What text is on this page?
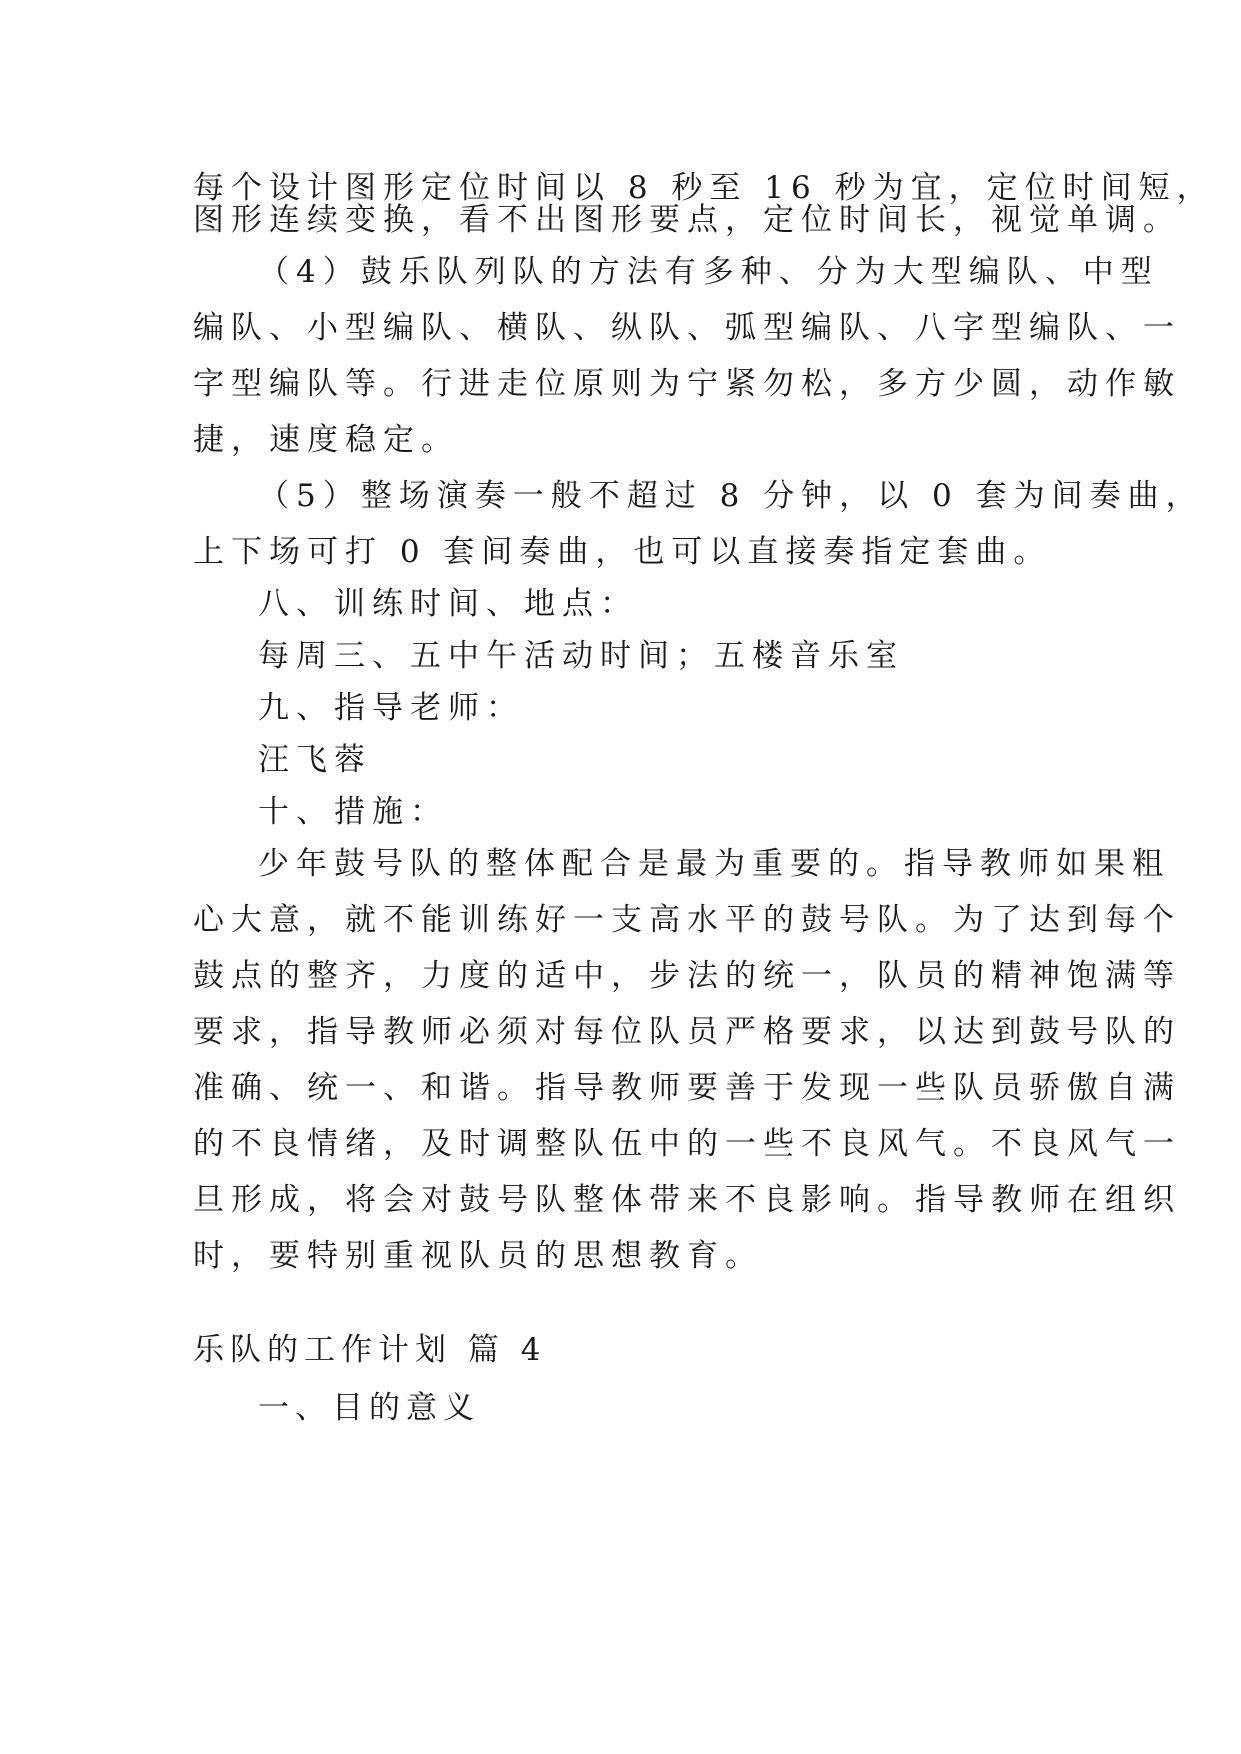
每个设计图形定位时间以 8 秒至 16 秒为宜，定位时间短，
图形连续变换，看不出图形要点，定位时间长，视觉单调。
（4）鼓乐队列队的方法有多种、分为大型编队、中型
编队、小型编队、横队、纵队、弧型编队、八字型编队、一
字型编队等。行进走位原则为宁紧勿松，多方少圆，动作敏
捷，速度稳定。
（5）整场演奏一般不超过 8 分钟，以 0 套为间奏曲，
上下场可打 0 套间奏曲，也可以直接奏指定套曲。
八、训练时间、地点：
每周三、五中午活动时间；五楼音乐室
九、指导老师：
汪飞蓉
十、措施：
少年鼓号队的整体配合是最为重要的。指导教师如果粗
心大意，就不能训练好一支高水平的鼓号队。为了达到每个
鼓点的整齐，力度的适中，步法的统一，队员的精神饱满等
要求，指导教师必须对每位队员严格要求，以达到鼓号队的
准确、统一、和谐。指导教师要善于发现一些队员骄傲自满
的不良情绪，及时调整队伍中的一些不良风气。不良风气一
旦形成，将会对鼓号队整体带来不良影响。指导教师在组织
时，要特别重视队员的思想教育。
乐队的工作计划 篇 4
一、目的意义
